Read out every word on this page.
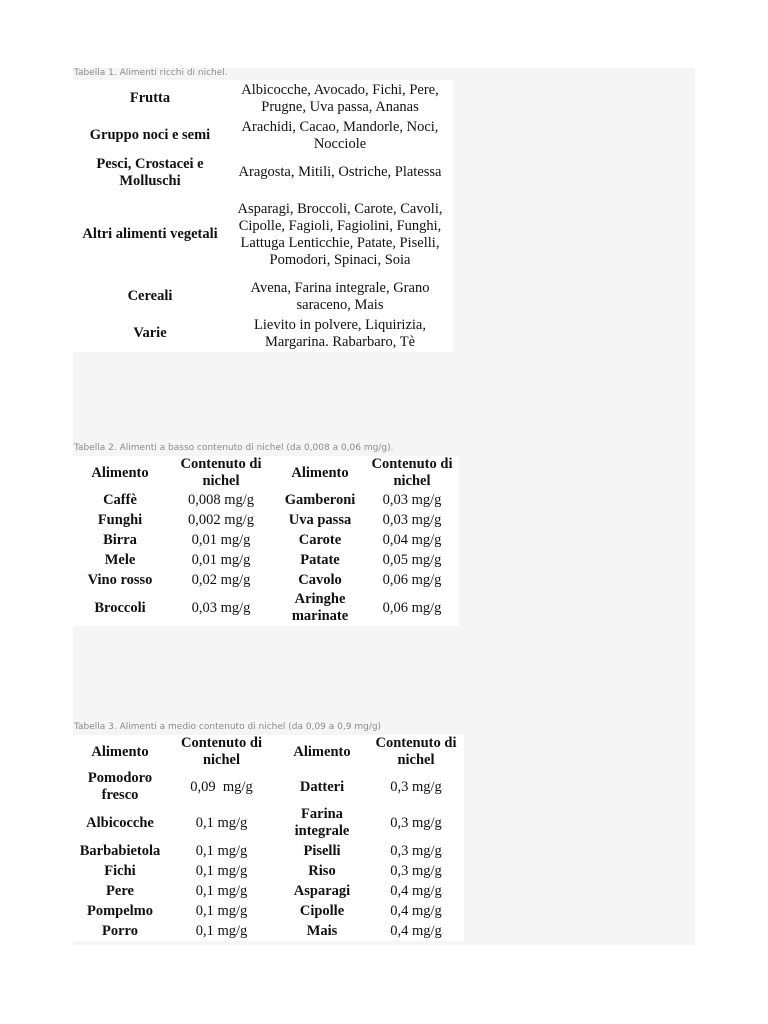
Tabella 1. Alimenti ricchi di nichel.
Frutta	Albicocche, Avocado, Fichi, Pere, Prugne, Uva passa, Ananas
Gruppo noci e semi	Arachidi, Cacao, Mandorle, Noci, Nocciole
Pesci, Crostacei e Molluschi	Aragosta, Mitili, Ostriche, Platessa
Altri alimenti vegetali	Asparagi, Broccoli, Carote, Cavoli, Cipolle, Fagioli, Fagiolini, Funghi, Lattuga Lenticchie, Patate, Piselli, Pomodori, Spinaci, Soia
Cereali	Avena, Farina integrale, Grano saraceno, Mais
Varie	Lievito in polvere, Liquirizia, Margarina. Rabarbaro, Tè
Tabella 2. Alimenti a basso contenuto di nichel (da 0,008 a 0,06 mg/g).
Alimento	Contenuto di nichel	Alimento	Contenuto di nichel
Caffè	0,008 mg/g	Gamberoni	0,03 mg/g
Funghi	0,002 mg/g	Uva passa	0,03 mg/g
Birra	0,01 mg/g	Carote	0,04 mg/g
Mele	0,01 mg/g	Patate	0,05 mg/g
Vino rosso	0,02 mg/g	Cavolo	0,06 mg/g
Broccoli	0,03 mg/g	Aringhe marinate	0,06 mg/g
Tabella 3. Alimenti a medio contenuto di nichel (da 0,09 a 0,9 mg/g)
Alimento	Contenuto di nichel	Alimento	Contenuto di nichel
Pomodoro fresco	0,09  mg/g	Datteri	0,3 mg/g
Albicocche	0,1 mg/g	Farina integrale	0,3 mg/g
Barbabietola	0,1 mg/g	Piselli	0,3 mg/g
Fichi	0,1 mg/g	Riso	0,3 mg/g
Pere	0,1 mg/g	Asparagi	0,4 mg/g
Pompelmo	0,1 mg/g	Cipolle	0,4 mg/g
Porro	0,1 mg/g	Mais	0,4 mg/g
